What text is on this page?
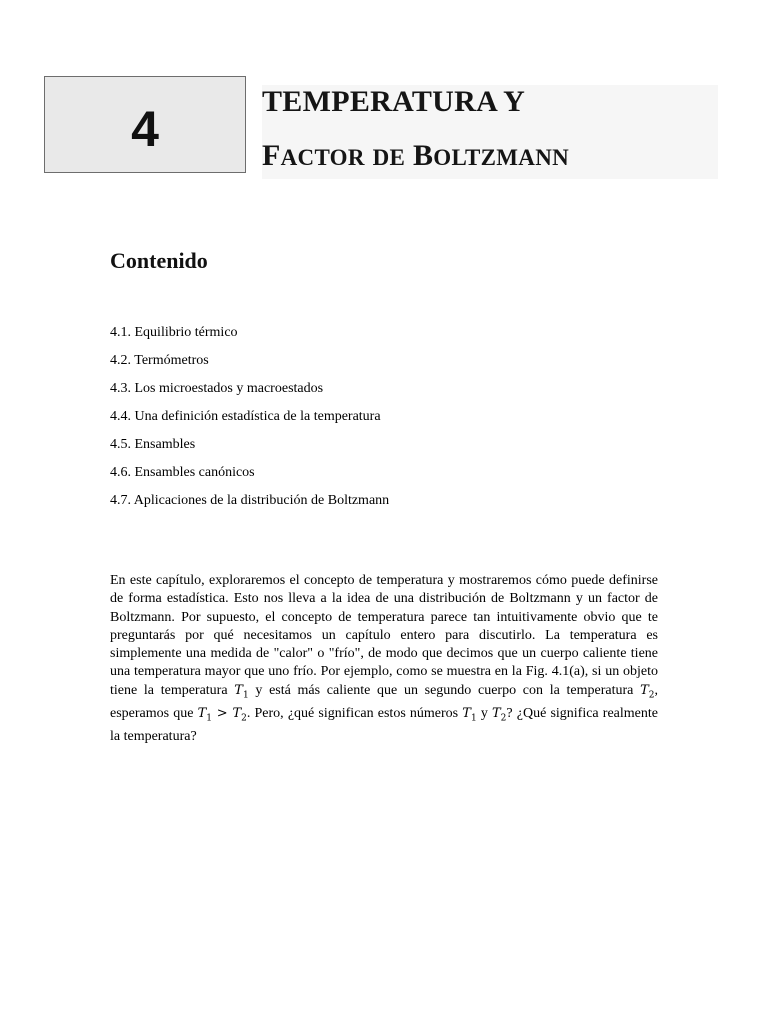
4	TEMPERATURA Y
FACTOR DE BOLTZMANN
Contenido
4.1. Equilibrio térmico
4.2. Termómetros
4.3. Los microestados y macroestados
4.4. Una definición estadística de la temperatura
4.5. Ensambles
4.6. Ensambles canónicos
4.7. Aplicaciones de la distribución de Boltzmann

En este capítulo, exploraremos el concepto de temperatura y mostraremos cómo puede definirse de forma estadística. Esto nos lleva a la idea de una distribución de Boltzmann y un factor de Boltzmann. Por supuesto, el concepto de temperatura parece tan intuitivamente obvio que te preguntarás por qué necesitamos un capítulo entero para discutirlo. La temperatura es simplemente una medida de "calor" o "frío", de modo que decimos que un cuerpo caliente tiene una temperatura mayor que uno frío. Por ejemplo, como se muestra en la Fig. 4.1(a), si un objeto tiene la temperatura $T_1$ y está más caliente que un segundo cuerpo con la temperatura $T_2$, esperamos que $T_1 > T_2$. Pero, ¿qué significan estos números $T_1$ y $T_2$? ¿Qué significa realmente la temperatura?
